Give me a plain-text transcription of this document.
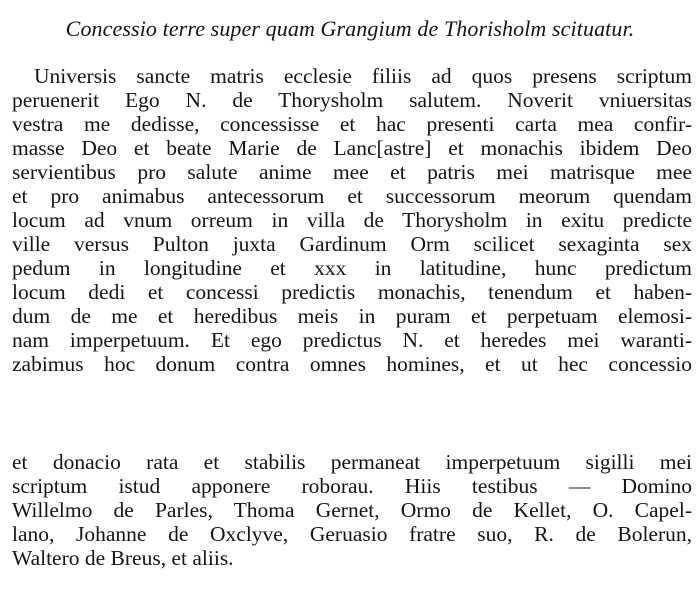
Concessio terre super quam Grangium de Thorisholm scituatur.
Universis sancte matris ecclesie filiis ad quos presens scriptum
peruenerit Ego N. de Thorysholm salutem. Noverit vniuersitas
vestra me dedisse, concessisse et hac presenti carta mea confir-
masse Deo et beate Marie de Lanc[astre] et monachis ibidem Deo
servientibus pro salute anime mee et patris mei matrisque mee
et pro animabus antecessorum et successorum meorum quendam
locum ad vnum orreum in villa de Thorysholm in exitu predicte
ville versus Pulton juxta Gardinum Orm scilicet sexaginta sex
pedum in longitudine et xxx in latitudine, hunc predictum
locum dedi et concessi predictis monachis, tenendum et haben-
dum de me et heredibus meis in puram et perpetuam elemosi-
nam imperpetuum. Et ego predictus N. et heredes mei waranti-
zabimus hoc donum contra omnes homines, et ut hec concessio
et donacio rata et stabilis permaneat imperpetuum sigilli mei
scriptum istud apponere roborau. Hiis testibus — Domino
Willelmo de Parles, Thoma Gernet, Ormo de Kellet, O. Capel-
lano, Johanne de Oxclyve, Geruasio fratre suo, R. de Bolerun,
Waltero de Breus, et aliis.
